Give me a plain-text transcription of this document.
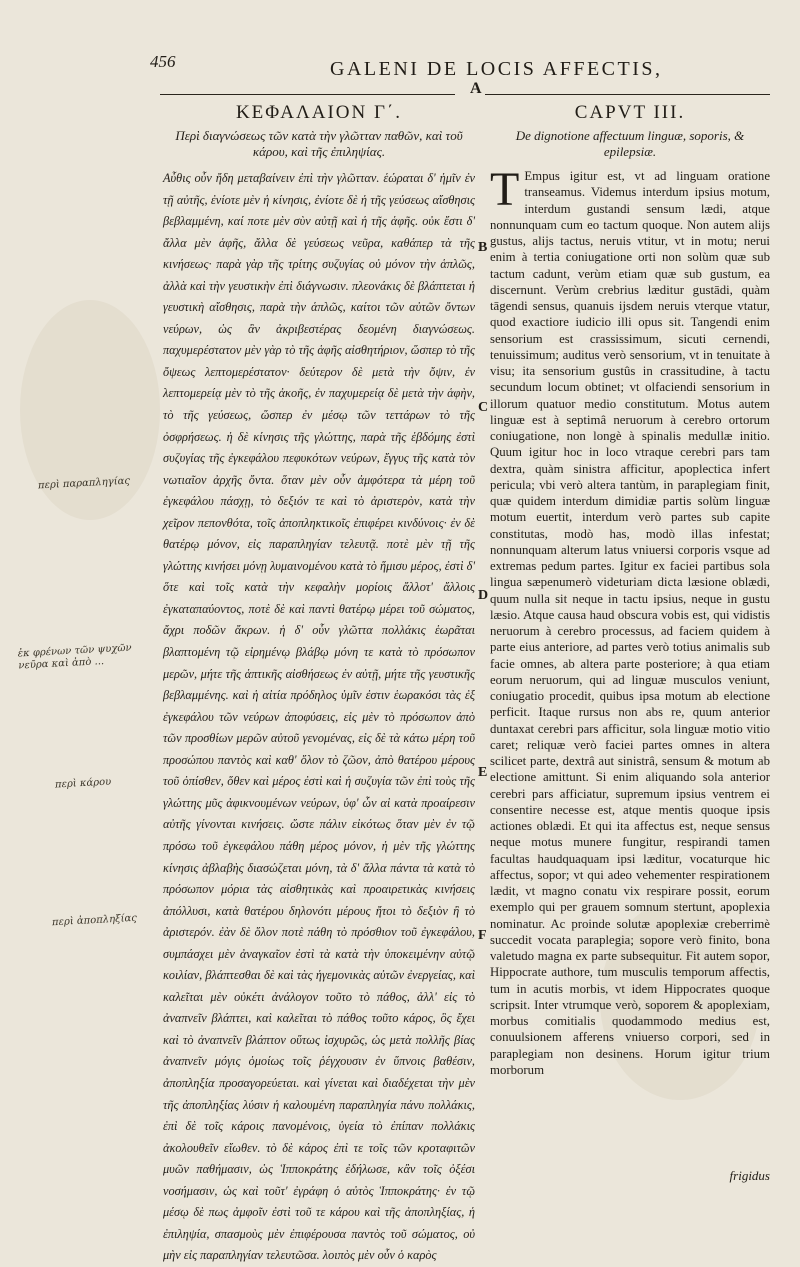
456	GALENI DE LOCIS AFFECTIS,
A
ΚΕΦΑΛΑΙΟΝ Γ΄.
Περὶ διαγνώσεως τῶν κατὰ τὴν γλῶτταν παθῶν, καὶ τοῦ κάρου, καὶ τῆς ἐπιληψίας.
Αὖθις οὖν ἤδη μεταβαίνειν ἐπὶ τὴν γλῶτταν. ἑώραται δ' ἡμῖν ἐν τῇ αὐτῆς, ἐνίοτε μὲν ἡ κίνησις, ἐνίοτε δὲ ἡ τῆς γεύσεως αἴσθησις βεβλαμμένη, καί ποτε μὲν σὺν αὐτῇ καὶ ἡ τῆς ἁφῆς. οὐκ ἔστι δ' ἄλλα μὲν ἁφῆς, ἄλλα δὲ γεύσεως νεῦρα, καθάπερ τὰ τῆς κινήσεως· παρὰ γὰρ τῆς τρίτης συζυγίας οὐ μόνον τὴν ἁπλῶς, ἀλλὰ καὶ τὴν γευστικὴν ἐπὶ διάγνωσιν. πλεονάκις δὲ βλάπτεται ἡ γευστικὴ αἴσθησις, παρὰ τὴν ἁπλῶς, καίτοι τῶν αὐτῶν ὄντων νεύρων, ὡς ἂν ἀκριβεστέρας δεομένη διαγνώσεως. παχυμερέστατον μὲν γὰρ τὸ τῆς ἁφῆς αἰσθητήριον, ὥσπερ τὸ τῆς ὄψεως λεπτομερέστατον· δεύτερον δὲ μετὰ τὴν ὄψιν, ἐν λεπτομερείᾳ μὲν τὸ τῆς ἀκοῆς, ἐν παχυμερείᾳ δὲ μετὰ τὴν ἁφὴν, τὸ τῆς γεύσεως, ὥσπερ ἐν μέσῳ τῶν τεττάρων τὸ τῆς ὀσφρήσεως. ἡ δὲ κίνησις τῆς γλώττης, παρὰ τῆς ἑβδόμης ἐστὶ συζυγίας τῆς ἐγκεφάλου πεφυκότων νεύρων, ἔγγυς τῆς κατὰ τὸν νωτιαῖον ἀρχῆς ὄντα. ὅταν μὲν οὖν ἀμφότερα τὰ μέρη τοῦ ἐγκεφάλου πάσχῃ, τὸ δεξιόν τε καὶ τὸ ἀριστερὸν, κατὰ τὴν χεῖρον πεπονθότα, τοῖς ἀποπληκτικοῖς ἐπιφέρει κινδύνοις· ἐν δὲ θατέρῳ μόνον, εἰς παραπληγίαν τελευτᾷ. ποτὲ μὲν τῇ τῆς γλώττης κινήσει μόνῃ λυμαινομένου κατὰ τὸ ἥμισυ μέρος, ἐστὶ δ' ὅτε καὶ τοῖς κατὰ τὴν κεφαλὴν μορίοις ἄλλοτ' ἄλλοις ἐγκαταπαύοντος, ποτὲ δὲ καὶ παντὶ θατέρῳ μέρει τοῦ σώματος, ἄχρι ποδῶν ἄκρων. ἡ δ' οὖν γλῶττα πολλάκις ἑωρᾶται βλαπτομένη τῷ εἰρημένῳ βλάβῳ μόνη τε κατὰ τὸ πρόσωπον μερῶν, μήτε τῆς ἁπτικῆς αἰσθήσεως ἐν αὐτῇ, μήτε τῆς γευστικῆς βεβλαμμένης. καὶ ἡ αἰτία πρόδηλος ὑμῖν ἐστιν ἑωρακόσι τὰς ἐξ ἐγκεφάλου τῶν νεύρων ἀποφύσεις, εἰς μὲν τὸ πρόσωπον ἀπὸ τῶν προσθίων μερῶν αὐτοῦ γενομένας, εἰς δὲ τὰ κάτω μέρη τοῦ προσώπου παντὸς καὶ καθ' ὅλον τὸ ζῶον, ἀπὸ θατέρου μέρους τοῦ ὀπίσθεν, ὅθεν καὶ μέρος ἐστὶ καὶ ἡ συζυγία τῶν ἐπὶ τοὺς τῆς γλώττης μῦς ἀφικνουμένων νεύρων, ὑφ' ὧν αἱ κατὰ προαίρεσιν αὐτῆς γίνονται κινήσεις. ὥστε πάλιν εἰκότως ὅταν μὲν ἐν τῷ πρόσω τοῦ ἐγκεφάλου πάθη μέρος μόνον, ἡ μὲν τῆς γλώττης κίνησις ἀβλαβὴς διασώζεται μόνη, τὰ δ' ἄλλα πάντα τὰ κατὰ τὸ πρόσωπον μόρια τὰς αἰσθητικὰς καὶ προαιρετικὰς κινήσεις ἀπόλλυσι, κατὰ θατέρου δηλονότι μέρους ἤτοι τὸ δεξιὸν ἢ τὸ ἀριστερόν. ἐὰν δὲ ὅλον ποτὲ πάθη τὸ πρόσθιον τοῦ ἐγκεφάλου, συμπάσχει μὲν ἀναγκαῖον ἐστὶ τὰ κατὰ τὴν ὑποκειμένην αὐτῷ κοιλίαν, βλάπτεσθαι δὲ καὶ τὰς ἡγεμονικὰς αὐτῶν ἐνεργείας, καὶ καλεῖται μὲν οὐκέτι ἀνάλογον τοῦτο τὸ πάθος, ἀλλ' εἰς τὸ ἀναπνεῖν βλάπτει, καὶ καλεῖται τὸ πάθος τοῦτο κάρος, ὃς ἔχει καὶ τὸ ἀναπνεῖν βλάπτον οὕτως ἰσχυρῶς, ὡς μετὰ πολλῆς βίας ἀναπνεῖν μόγις ὁμοίως τοῖς ῥέγχουσιν ἐν ὕπνοις βαθέσιν, ἀποπληξία προσαγορεύεται. καὶ γίνεται καὶ διαδέχεται τὴν μὲν τῆς ἀποπληξίας λύσιν ἡ καλουμένη παραπληγία πάνυ πολλάκις, ἐπὶ δὲ τοῖς κάροις πανομένοις, ὑγεία τὸ ἐπίπαν πολλάκις ἀκολουθεῖν εἴωθεν. τὸ δὲ κάρος ἐπὶ τε τοῖς τῶν κροταφιτῶν μυῶν παθήμασιν, ὡς Ἱπποκράτης ἐδήλωσε, κἂν τοῖς ὀξέσι νοσήμασιν, ὡς καὶ τοῦτ' ἐγράφη ὁ αὐτὸς Ἱπποκράτης· ἐν τῷ μέσῳ δὲ πως ἀμφοῖν ἐστὶ τοῦ τε κάρου καὶ τῆς ἀποπληξίας, ἡ ἐπιληψία, σπασμοὺς μὲν ἐπιφέρουσα παντὸς τοῦ σώματος, οὐ μὴν εἰς παραπληγίαν τελευτῶσα. λοιπὸς μὲν οὖν ὁ καρὸς
CAPVT III.
De dignotione affectuum linguæ, soporis, & epilepsiæ.
T Empus igitur est, vt ad linguam oratione transeamus. Videmus interdum ipsius motum, interdum gustandi sensum lædi, atque nonnunquam cum eo tactum quoque. Non autem alijs gustus, alijs tactus, neruis vtitur, vt in motu; nerui enim à tertia coniugatione orti non solùm quæ sub tactum cadunt, verùm etiam quæ sub gustum, ea discernunt. Verùm crebrius læditur gustādi, quàm tāgendi sensus, quanuis ijsdem neruis vterque vtatur, quod exactiore iudicio illi opus sit. Tangendi enim sensorium est crassissimum, sicuti cernendi, tenuissimum; auditus verò sensorium, vt in tenuitate à visu; ita sensorium gustûs in crassitudine, à tactu secundum locum obtinet; vt olfaciendi sensorium in illorum quatuor medio constitutum. Motus autem linguæ est à septimâ neruorum à cerebro ortorum coniugatione, non longè à spinalis medullæ initio. Quum igitur hoc in loco vtraque cerebri pars tam dextra, quàm sinistra afficitur, apoplectica infert pericula; vbi verò altera tantùm, in paraplegiam finit, quæ quidem interdum dimidiæ partis solùm linguæ motum euertit, interdum verò partes sub capite constitutas, modò has, modò illas infestat; nonnunquam alterum latus vniuersi corporis vsque ad extremas pedum partes. Igitur ex faciei partibus sola lingua sæpenumerò videturiam dicta læsione oblædi, quum nulla sit neque in tactu ipsius, neque in gustu læsio. Atque causa haud obscura vobis est, qui vidistis neruorum à cerebro processus, ad faciem quidem à parte eius anteriore, ad partes verò totius animalis sub facie omnes, ab altera parte posteriore; à qua etiam eorum neruorum, qui ad linguæ musculos veniunt, coniugatio procedit, quibus ipsa motum ab electione perficit. Itaque rursus non abs re, quum anterior duntaxat cerebri pars afficitur, sola linguæ motio vitio caret; reliquæ verò faciei partes omnes in altera scilicet parte, dextrâ aut sinistrâ, sensum & motum ab electione amittunt. Si enim aliquando sola anterior cerebri pars afficiatur, supremum ipsius ventrem ei consentire necesse est, atque mentis quoque ipsis actiones oblædi. Et qui ita affectus est, neque sensus neque motus munere fungitur, respirandi tamen facultas haudquaquam ipsi læditur, vocaturque hic affectus, sopor; vt qui adeo vehementer respirationem lædit, vt magno conatu vix respirare possit, eorum exemplo qui per grauem somnum stertunt, apoplexia nominatur. Ac proinde solutæ apoplexiæ creberrimè succedit vocata paraplegia; sopore verò finito, bona valetudo magna ex parte subsequitur. Fit autem sopor, Hippocrate authore, tum musculis temporum affectis, tum in acutis morbis, vt idem Hippocrates quoque scripsit. Inter vtrumque verò, soporem & apoplexiam, morbus comitialis quodammodo medius est, conuulsionem afferens vniuerso corpori, sed in paraplegiam non desinens. Horum igitur trium morborum
frigidus
B
C
D
E
F
περὶ παραπληγίας
ἐκ φρένων τῶν ψυχῶν νεῦρα καὶ ἀπὸ ...
περὶ κάρου
περὶ ἀποπληξίας
